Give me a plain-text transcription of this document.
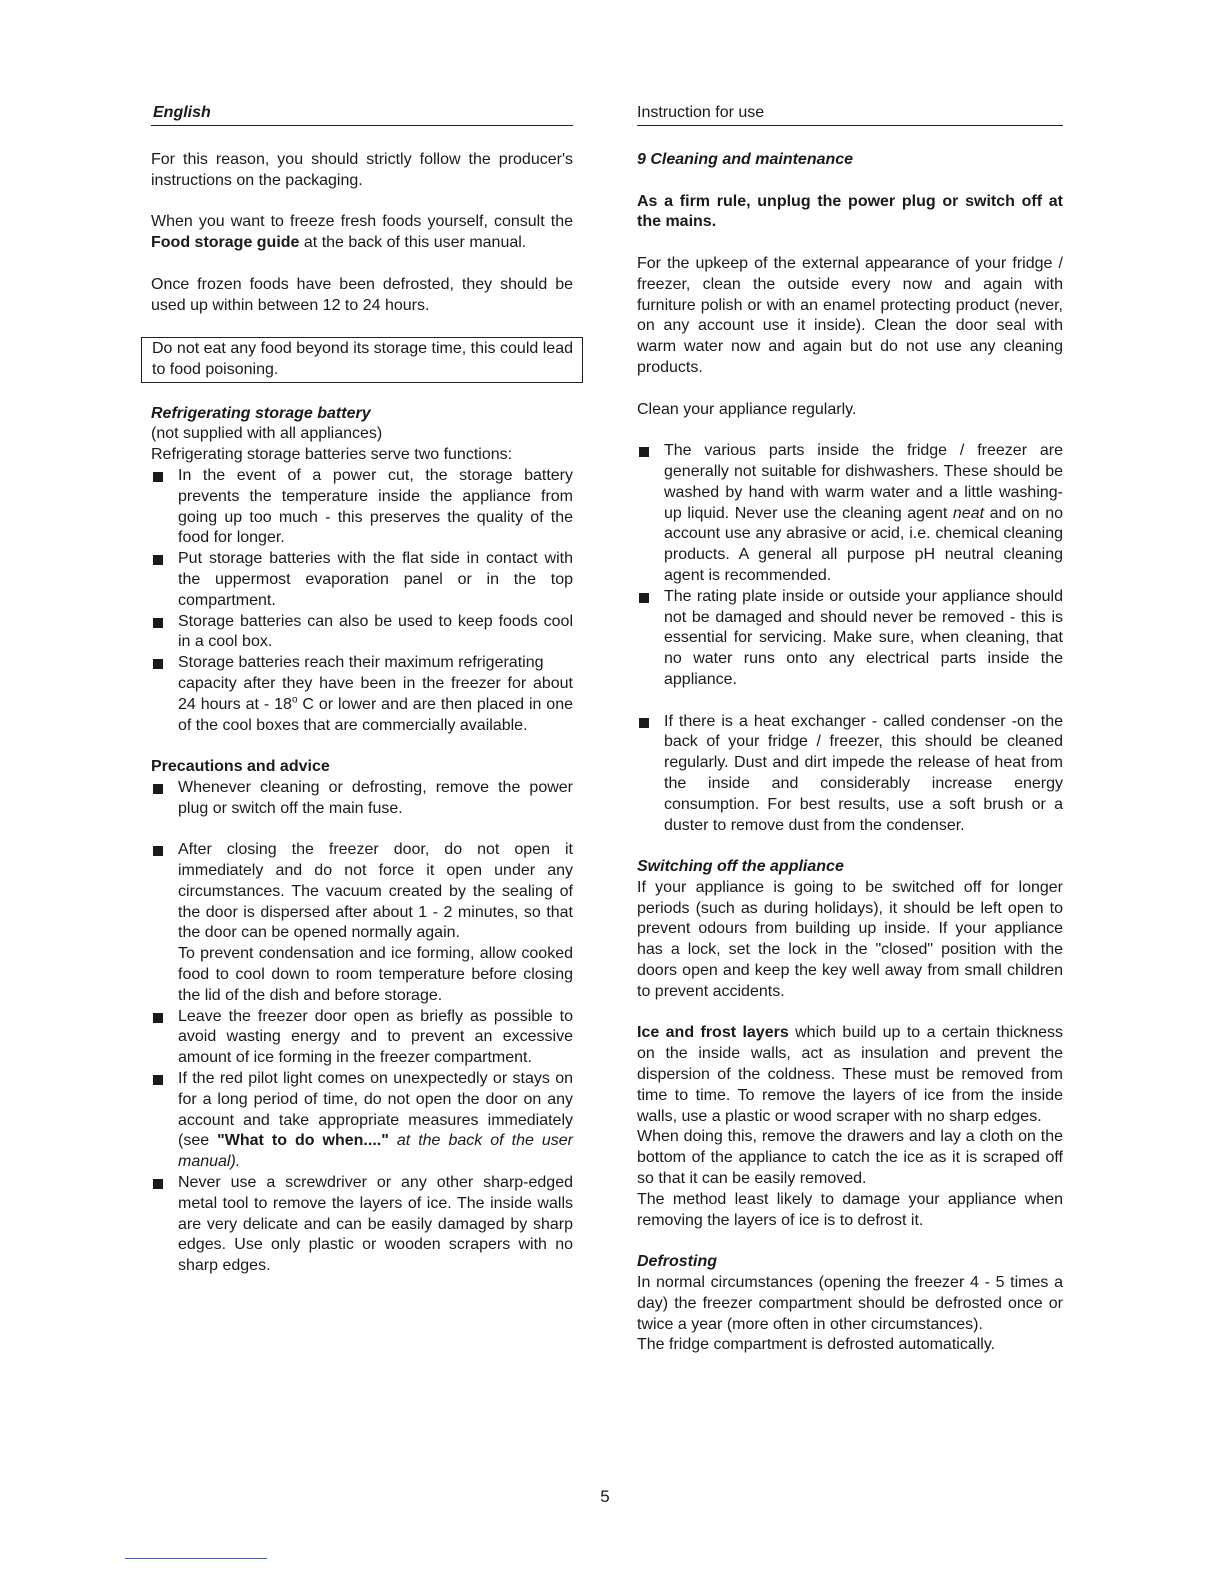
English

For this reason, you should strictly follow the producer's instructions on the packaging.

When you want to freeze fresh foods yourself, consult the Food storage guide at the back of this user manual.

Once frozen foods have been defrosted, they should be used up within between 12 to 24 hours.

Do not eat any food beyond its storage time, this could lead to food poisoning.

Refrigerating storage battery
(not supplied with all appliances)
Refrigerating storage batteries serve two functions:
In the event of a power cut, the storage battery prevents the temperature inside the appliance from going up too much - this preserves the quality of the food for longer.
Put storage batteries with the flat side in contact with the uppermost evaporation panel or in the top compartment.
Storage batteries can also be used to keep foods cool in a cool box.
Storage batteries reach their maximum refrigerating
capacity after they have been in the freezer for about 24 hours at - 18$^o$ C or lower and are then placed in one of the cool boxes that are commercially available.
Precautions and advice
Whenever cleaning or defrosting, remove the power plug or switch off the main fuse.
After closing the freezer door, do not open it immediately and do not force it open under any circumstances. The vacuum created by the sealing of the door is dispersed after about 1 - 2 minutes, so that the door can be opened normally again.
To prevent condensation and ice forming, allow cooked food to cool down to room temperature before closing the lid of the dish and before storage.
Leave the freezer door open as briefly as possible to avoid wasting energy and to prevent an excessive amount of ice forming in the freezer compartment.
If the red pilot light comes on unexpectedly or stays on for a long period of time, do not open the door on any account and take appropriate measures immediately (see "What to do when...." at the back of the user manual).
Never use a screwdriver or any other sharp-edged metal tool to remove the layers of ice. The inside walls are very delicate and can be easily damaged by sharp edges. Use only plastic or wooden scrapers with no sharp edges.
Instruction for use
9 Cleaning and maintenance

As a firm rule, unplug the power plug or switch off at the mains.

For the upkeep of the external appearance of your fridge / freezer, clean the outside every now and again with furniture polish or with an enamel protecting product (never, on any account use it inside). Clean the door seal with warm water now and again but do not use any cleaning products.

Clean your appliance regularly.

The various parts inside the fridge / freezer are generally not suitable for dishwashers. These should be washed by hand with warm water and a little washing-up liquid. Never use the cleaning agent neat and on no account use any abrasive or acid, i.e. chemical cleaning products. A general all purpose pH neutral cleaning agent is recommended.
The rating plate inside or outside your appliance should not be damaged and should never be removed - this is essential for servicing. Make sure, when cleaning, that no water runs onto any electrical parts inside the appliance.
If there is a heat exchanger - called condenser -on the back of your fridge / freezer, this should be cleaned regularly. Dust and dirt impede the release of heat from the inside and considerably increase energy consumption. For best results, use a soft brush or a duster to remove dust from the condenser.
Switching off the appliance

If your appliance is going to be switched off for longer periods (such as during holidays), it should be left open to prevent odours from building up inside. If your appliance has a lock, set the lock in the "closed" position with the doors open and keep the key well away from small children to prevent accidents.

Ice and frost layers which build up to a certain thickness on the inside walls, act as insulation and prevent the dispersion of the coldness. These must be removed from time to time. To remove the layers of ice from the inside walls, use a plastic or wood scraper with no sharp edges.

When doing this, remove the drawers and lay a cloth on the bottom of the appliance to catch the ice as it is scraped off so that it can be easily removed.

The method least likely to damage your appliance when removing the layers of ice is to defrost it.

Defrosting

In normal circumstances (opening the freezer 4 - 5 times a day) the freezer compartment should be defrosted once or twice a year (more often in other circumstances).

The fridge compartment is defrosted automatically.

5
